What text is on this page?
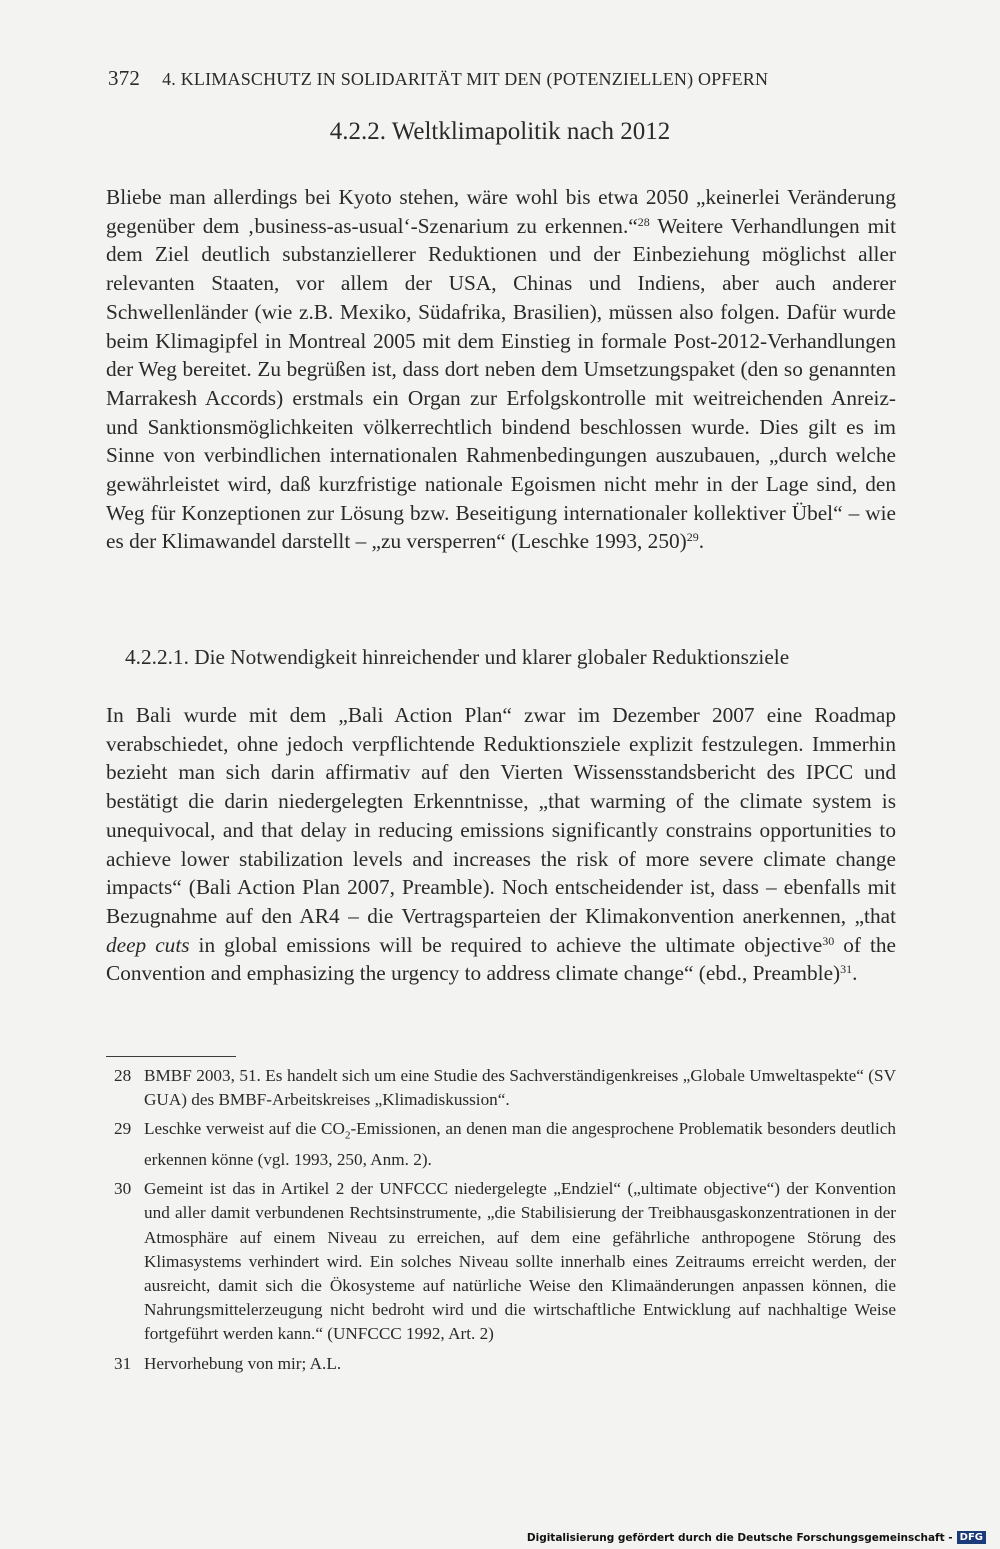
372 4. KLIMASCHUTZ IN SOLIDARITÄT MIT DEN (POTENZIELLEN) OPFERN
4.2.2. Weltklimapolitik nach 2012

Bliebe man allerdings bei Kyoto stehen, wäre wohl bis etwa 2050 „keinerlei Veränderung gegenüber dem ‚business-as-usual‘-Szenarium zu erkennen.“$^{28}$ Weitere Verhandlungen mit dem Ziel deutlich substanziellerer Reduktionen und der Einbeziehung möglichst aller relevanten Staaten, vor allem der USA, Chinas und Indiens, aber auch anderer Schwellenländer (wie z.B. Mexiko, Südafrika, Brasilien), müssen also folgen. Dafür wurde beim Klimagipfel in Montreal 2005 mit dem Einstieg in formale Post-2012-Verhandlungen der Weg bereitet. Zu begrüßen ist, dass dort neben dem Umsetzungspaket (den so genannten Marrakesh Accords) erstmals ein Organ zur Erfolgskontrolle mit weitreichenden Anreiz- und Sanktionsmöglichkeiten völkerrechtlich bindend beschlossen wurde. Dies gilt es im Sinne von verbindlichen internationalen Rahmenbedingungen auszubauen, „durch welche gewährleistet wird, daß kurzfristige nationale Egoismen nicht mehr in der Lage sind, den Weg für Konzeptionen zur Lösung bzw. Beseitigung internationaler kollektiver Übel“ – wie es der Klimawandel darstellt – „zu versperren“ (Leschke 1993, 250)$^{29}$.

4.2.2.1. Die Notwendigkeit hinreichender und klarer globaler Reduktionsziele

In Bali wurde mit dem „Bali Action Plan“ zwar im Dezember 2007 eine Roadmap verabschiedet, ohne jedoch verpflichtende Reduktionsziele explizit festzulegen. Immerhin bezieht man sich darin affirmativ auf den Vierten Wissensstandsbericht des IPCC und bestätigt die darin niedergelegten Erkenntnisse, „that warming of the climate system is unequivocal, and that delay in reducing emissions significantly constrains opportunities to achieve lower stabilization levels and increases the risk of more severe climate change impacts“ (Bali Action Plan 2007, Preamble). Noch entscheidender ist, dass – ebenfalls mit Bezugnahme auf den AR4 – die Vertragsparteien der Klimakonvention anerkennen, „that deep cuts in global emissions will be required to achieve the ultimate objective$^{30}$ of the Convention and emphasizing the urgency to address climate change“ (ebd., Preamble)$^{31}$.

28 BMBF 2003, 51. Es handelt sich um eine Studie des Sachverständigenkreises „Globale Umweltaspekte“ (SV GUA) des BMBF-Arbeitskreises „Klimadiskussion“.
29 Leschke verweist auf die $CO_2$-Emissionen, an denen man die angesprochene Problematik besonders deutlich erkennen könne (vgl. 1993, 250, Anm. 2).
30 Gemeint ist das in Artikel 2 der UNFCCC niedergelegte „Endziel“ („ultimate objective“) der Konvention und aller damit verbundenen Rechtsinstrumente, „die Stabilisierung der Treibhausgaskonzentrationen in der Atmosphäre auf einem Niveau zu erreichen, auf dem eine gefährliche anthropogene Störung des Klimasystems verhindert wird. Ein solches Niveau sollte innerhalb eines Zeitraums erreicht werden, der ausreicht, damit sich die Ökosysteme auf natürliche Weise den Klimaänderungen anpassen können, die Nahrungsmittelerzeugung nicht bedroht wird und die wirtschaftliche Entwicklung auf nachhaltige Weise fortgeführt werden kann.“ (UNFCCC 1992, Art. 2)
31 Hervorhebung von mir; A.L.
Digitalisierung gefördert durch die Deutsche Forschungsgemeinschaft - DFG
